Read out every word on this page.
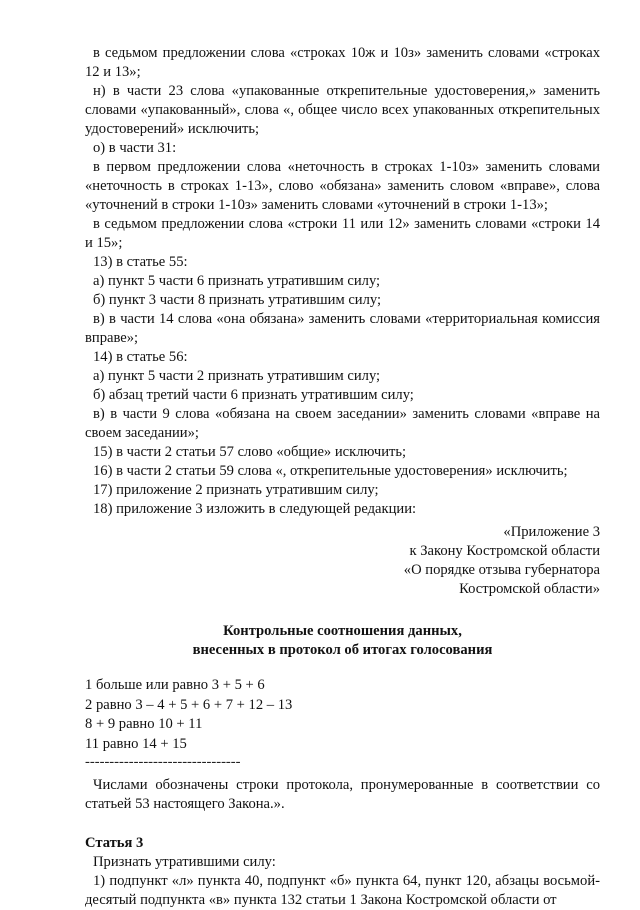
в седьмом предложении слова «строках 10ж и 10з» заменить словами «строках 12 и 13»;

н) в части 23 слова «упакованные открепительные удостоверения,» заменить словами «упакованный», слова «, общее число всех упакованных открепительных удостоверений» исключить;

о) в части 31:

в первом предложении слова «неточность в строках 1-10з» заменить словами «неточность в строках 1-13», слово «обязана» заменить словом «вправе», слова «уточнений в строки 1-10з» заменить словами «уточнений в строки 1-13»;

в седьмом предложении слова «строки 11 или 12» заменить словами «строки 14 и 15»;

13) в статье 55:

а) пункт 5 части 6 признать утратившим силу;

б) пункт 3 части 8 признать утратившим силу;

в) в части 14 слова «она обязана» заменить словами «территориальная комиссия вправе»;

14) в статье 56:

а) пункт 5 части 2 признать утратившим силу;

б) абзац третий части 6 признать утратившим силу;

в) в части 9 слова «обязана на своем заседании» заменить словами «вправе на своем заседании»;

15) в части 2 статьи 57 слово «общие» исключить;

16) в части 2 статьи 59 слова «, открепительные удостоверения» исключить;

17) приложение 2 признать утратившим силу;

18) приложение 3 изложить в следующей редакции:

«Приложение 3
к Закону Костромской области
«О порядке отзыва губернатора
Костромской области»
Контрольные соотношения данных,
внесенных в протокол об итогах голосования
1 больше или равно 3 + 5 + 6
2 равно 3 – 4 + 5 + 6 + 7 + 12 – 13
8 + 9 равно 10 + 11
11 равно 14 + 15
--------------------------------

Числами обозначены строки протокола, пронумерованные в соответствии со статьей 53 настоящего Закона.».

Статья 3

Признать утратившими силу:

1) подпункт «л» пункта 40, подпункт «б» пункта 64, пункт 120, абзацы восьмой-десятый подпункта «в» пункта 132 статьи 1 Закона Костромской области от
